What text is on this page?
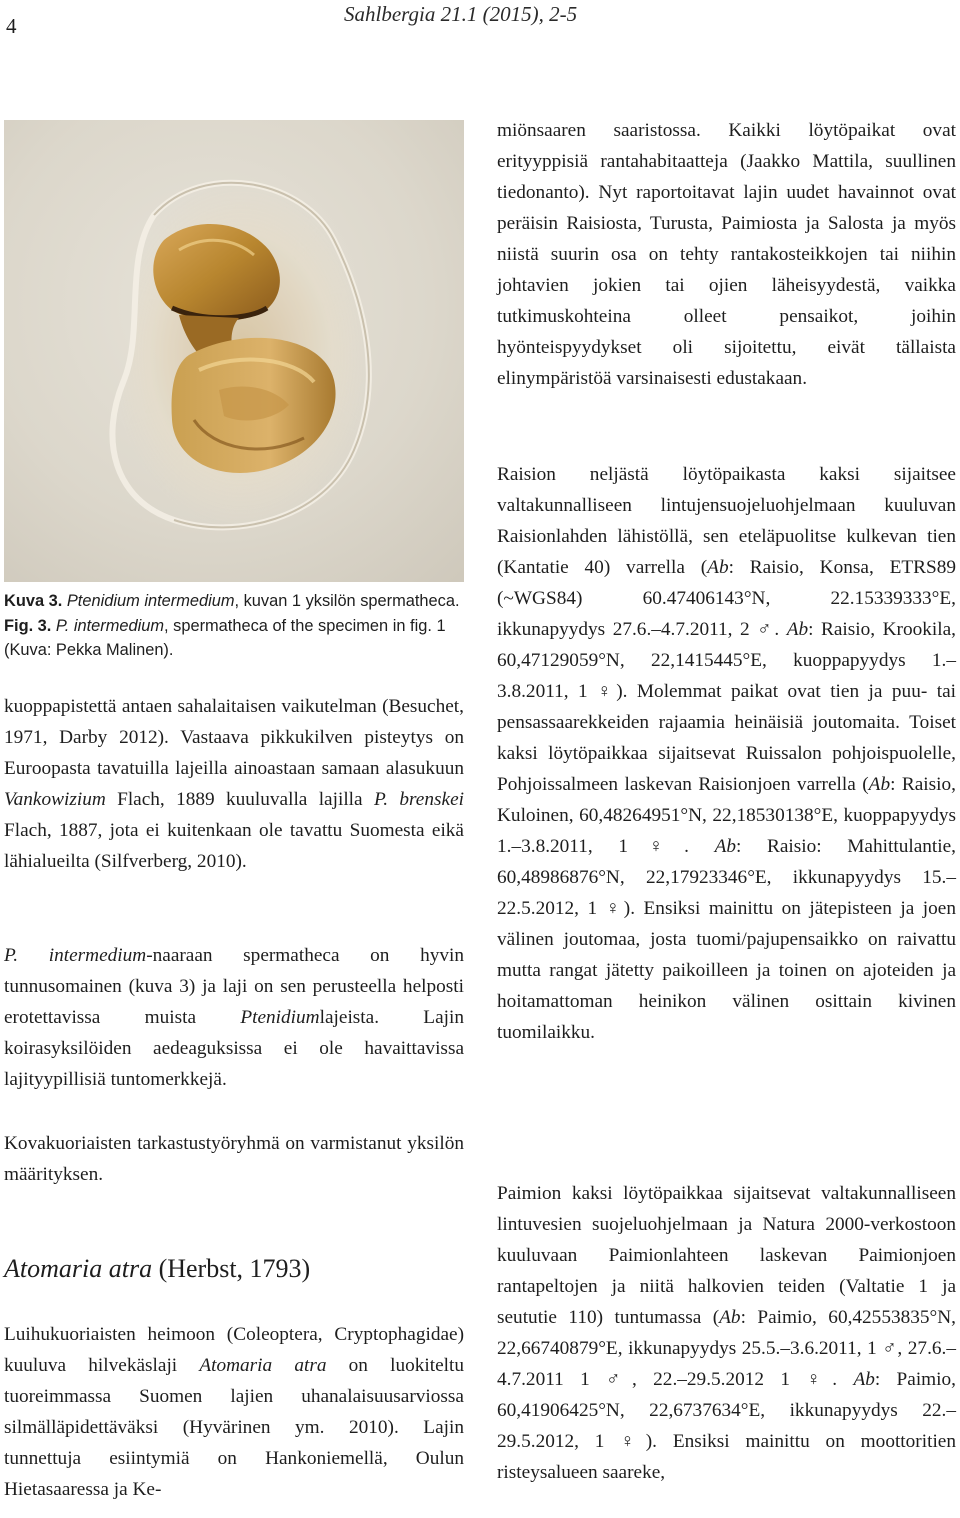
4	Sahlbergia 21.1 (2015), 2-5
Kuva 3. Ptenidium intermedium, kuvan 1 yksilön spermatheca. Fig. 3. P. intermedium, spermatheca of the specimen in fig. 1 (Kuva: Pekka Malinen).

kuoppapistettä antaen sahalaitaisen vaikutelman (Besuchet, 1971, Darby 2012). Vastaava pikkukilven pisteytys on Euroopasta tavatuilla lajeilla ainoastaan samaan alasukuun Vankowizium Flach, 1889 kuuluvalla lajilla P. brenskei Flach, 1887, jota ei kuitenkaan ole tavattu Suomesta eikä lähialueilta (Silfverberg, 2010).

P. intermedium-naaraan spermatheca on hyvin tunnusomainen (kuva 3) ja laji on sen perusteella helposti erotettavissa muista Ptenidiumlajeista. Lajin koirasyksilöiden aedeaguksissa ei ole havaittavissa lajityypillisiä tuntomerkkejä.

Kovakuoriaisten tarkastustyöryhmä on varmistanut yksilön määrityksen.

Atomaria atra (Herbst, 1793)

Luihukuoriaisten heimoon (Coleoptera, Cryptophagidae) kuuluva hilvekäslaji Atomaria atra on luokiteltu tuoreimmassa Suomen lajien uhanalaisuusarviossa silmälläpidettäväksi (Hyvärinen ym. 2010). Lajin tunnettuja esiintymiä on Hankoniemellä, Oulun Hietasaaressa ja Ke-

miönsaaren saaristossa. Kaikki löytöpaikat ovat erityyppisiä rantahabitaatteja (Jaakko Mattila, suullinen tiedonanto). Nyt raportoitavat lajin uudet havainnot ovat peräisin Raisiosta, Turusta, Paimiosta ja Salosta ja myös niistä suurin osa on tehty rantakosteikkojen tai niihin johtavien jokien tai ojien läheisyydestä, vaikka tutkimuskohteina olleet pensaikot, joihin hyönteispyydykset oli sijoitettu, eivät tällaista elinympäristöä varsinaisesti edustakaan.

Raision neljästä löytöpaikasta kaksi sijaitsee valtakunnalliseen lintujensuojeluohjelmaan kuuluvan Raisionlahden lähistöllä, sen eteläpuolitse kulkevan tien (Kantatie 40) varrella (Ab: Raisio, Konsa, ETRS89 (~WGS84) 60.47406143°N, 22.15339333°E, ikkunapyydys 27.6.–4.7.2011, 2 ♂. Ab: Raisio, Krookila, 60,47129059°N, 22,1415445°E, kuoppapyydys 1.–3.8.2011, 1 ♀). Molemmat paikat ovat tien ja puu- tai pensassaarekkeiden rajaamia heinäisiä joutomaita. Toiset kaksi löytöpaikkaa sijaitsevat Ruissalon pohjoispuolelle, Pohjoissalmeen laskevan Raisionjoen varrella (Ab: Raisio, Kuloinen, 60,48264951°N, 22,18530138°E, kuoppapyydys 1.–3.8.2011, 1♀. Ab: Raisio: Mahittulantie, 60,48986876°N, 22,17923346°E, ikkunapyydys 15.–22.5.2012, 1 ♀). Ensiksi mainittu on jätepisteen ja joen välinen joutomaa, josta tuomi/pajupensaikko on raivattu mutta rangat jätetty paikoilleen ja toinen on ajoteiden ja hoitamattoman heinikon välinen osittain kivinen tuomilaikku.

Paimion kaksi löytöpaikkaa sijaitsevat valtakunnalliseen lintuvesien suojeluohjelmaan ja Natura 2000-verkostoon kuuluvaan Paimionlahteen laskevan Paimionjoen rantapeltojen ja niitä halkovien teiden (Valtatie 1 ja seututie 110) tuntumassa (Ab: Paimio, 60,42553835°N, 22,66740879°E, ikkunapyydys 25.5.–3.6.2011, 1 ♂, 27.6.–4.7.2011 1 ♂, 22.–29.5.2012 1 ♀. Ab: Paimio, 60,41906425°N, 22,6737634°E, ikkunapyydys 22.–29.5.2012, 1 ♀). Ensiksi mainittu on moottoritien risteysalueen saareke,
